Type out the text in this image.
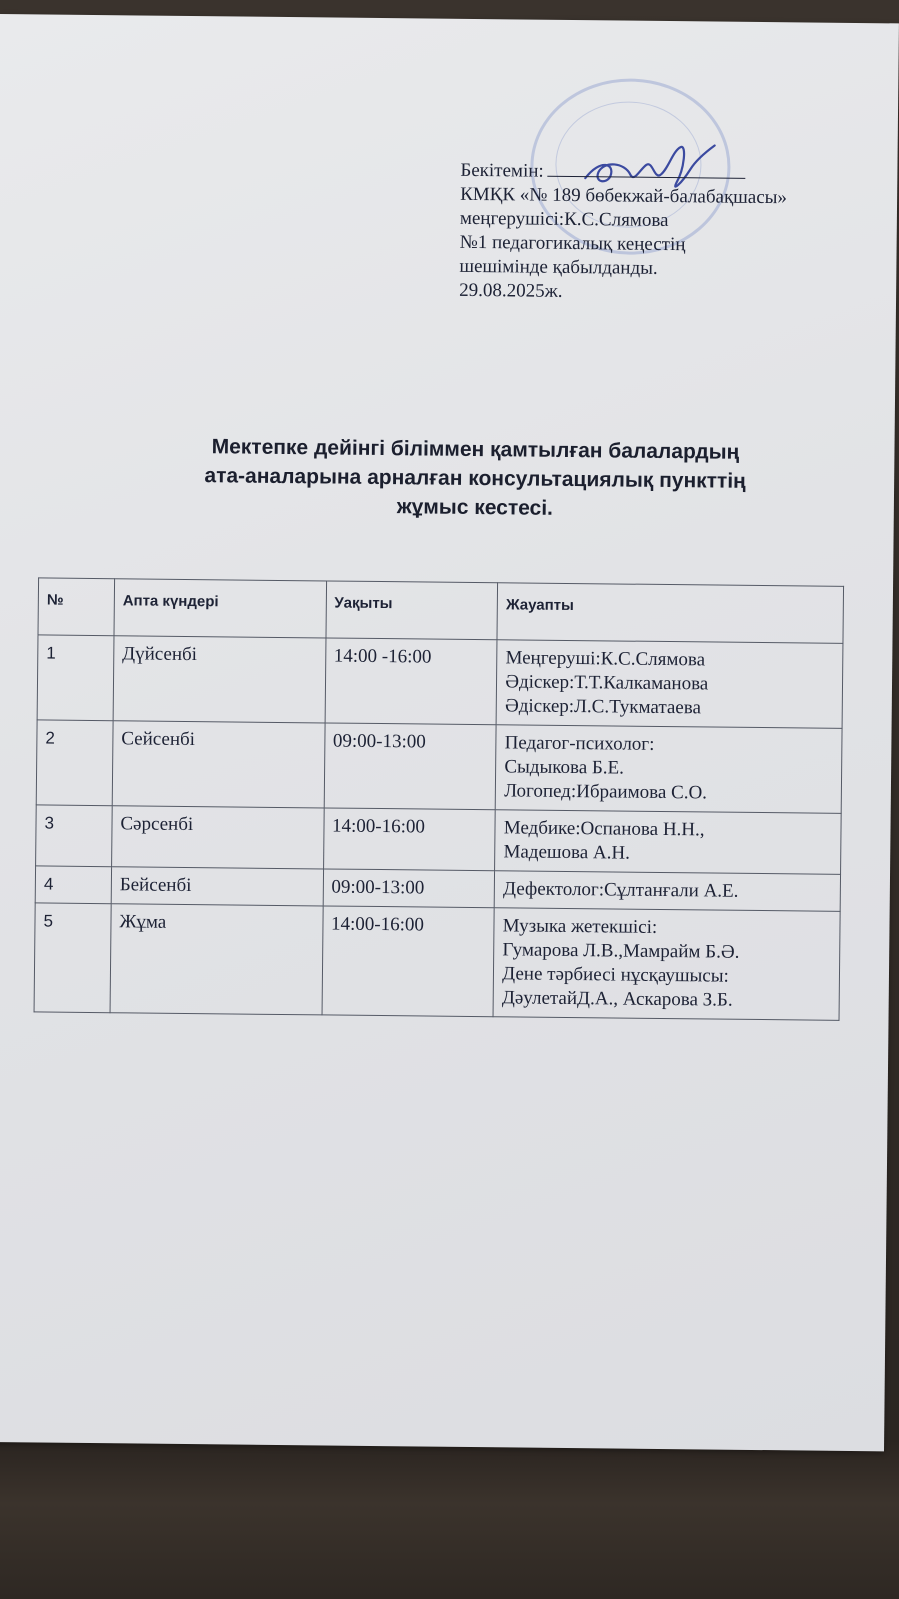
Бекітемін:
КМҚК «№ 189 бөбекжай-балабақшасы»
меңгерушісі:К.С.Слямова
№1 педагогикалық кеңестің
шешімінде қабылданды.
29.08.2025ж.
Мектепке дейінгі біліммен қамтылған балалардың
ата-аналарына арналған консультациялық пункттің
жұмыс кестесі.
№	Апта күндері	Уақыты	Жауапты
1	Дүйсенбі	14:00 -16:00	Меңгеруші:К.С.Слямова
Әдіскер:Т.Т.Калкаманова
Әдіскер:Л.С.Тукматаева

2	Сейсенбі	09:00-13:00	Педагог-психолог:
Сыдыкова Б.Е.
Логопед:Ибраимова С.О.

3	Сәрсенбі	14:00-16:00	Медбике:Оспанова Н.Н.,
Мадешова А.Н.

4	Бейсенбі	09:00-13:00	Дефектолог:Сұлтанғали А.Е.

5	Жұма	14:00-16:00	Музыка жетекшісі:
Гумарова Л.В.,Мамрайм Б.Ә.
Дене тәрбиесі нұсқаушысы:
ДәулетайД.А., Аскарова З.Б.
